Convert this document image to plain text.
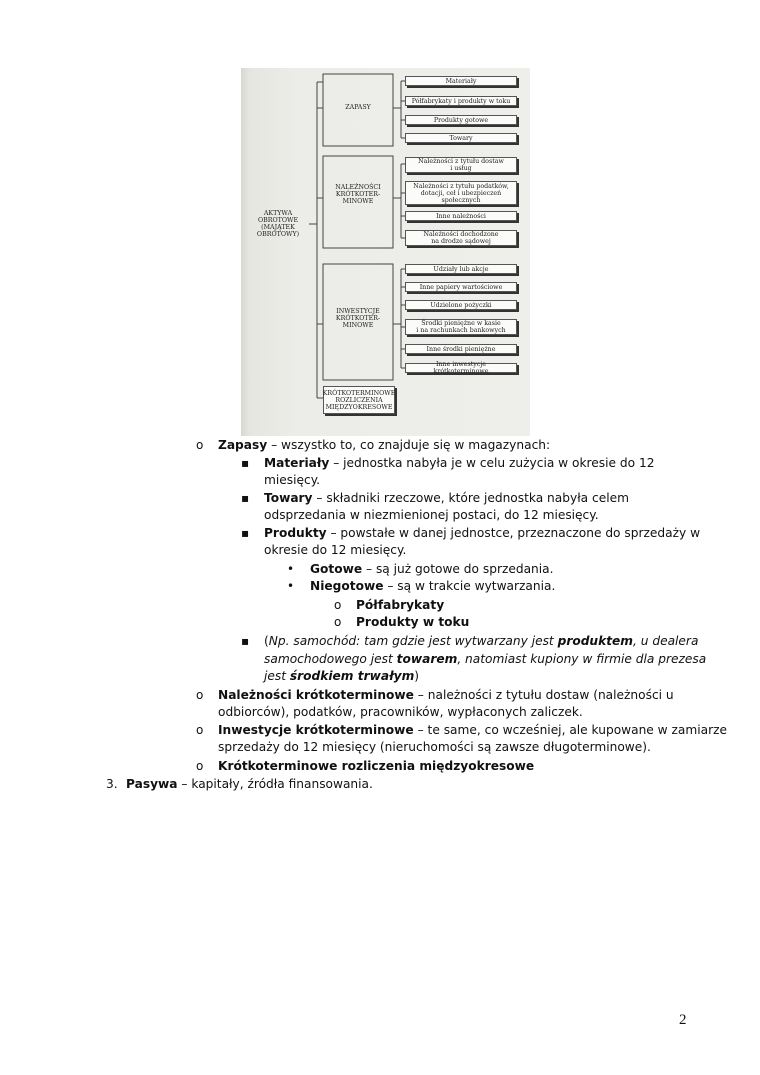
AKTYWA
OBROTOWE
(MAJĄTEK
OBROTOWY)
ZAPASY
NALEŻNOŚCI
KRÓTKOTER-
MINOWE
INWESTYCJE
KRÓTKOTER-
MINOWE
KRÓTKOTERMINOWE
ROZLICZENIA
MIĘDZYOKRESOWE
Materiały
Półfabrykaty i produkty w toku
Produkty gotowe
Towary
Należności z tytułu dostaw
i usług
Należności z tytułu podatków,
dotacji, ceł i ubezpieczeń
społecznych
Inne należności
Należności dochodzone
na drodze sądowej
Udziały lub akcje
Inne papiery wartościowe
Udzielone pożyczki
Środki pieniężne w kasie
i na rachunkach bankowych
Inne środki pieniężne
Inne inwestycje krótkoterminowe
o Zapasy – wszystko to, co znajduje się w magazynach:
▪ Materiały – jednostka nabyła je w celu zużycia w okresie do 12
miesięcy.
▪ Towary – składniki rzeczowe, które jednostka nabyła celem
odsprzedania w niezmienionej postaci, do 12 miesięcy.
▪ Produkty – powstałe w danej jednostce, przeznaczone do sprzedaży w
okresie do 12 miesięcy.
• Gotowe – są już gotowe do sprzedania.
• Niegotowe – są w trakcie wytwarzania.
o Półfabrykaty
o Produkty w toku
▪ (Np. samochód: tam gdzie jest wytwarzany jest produktem, u dealera
samochodowego jest towarem, natomiast kupiony w firmie dla prezesa
jest środkiem trwałym)
o Należności krótkoterminowe – należności z tytułu dostaw (należności u
odbiorców), podatków, pracowników, wypłaconych zaliczek.
o Inwestycje krótkoterminowe – te same, co wcześniej, ale kupowane w zamiarze
sprzedaży do 12 miesięcy (nieruchomości są zawsze długoterminowe).
o Krótkoterminowe rozliczenia międzyokresowe
3. Pasywa – kapitały, źródła finansowania.
2
